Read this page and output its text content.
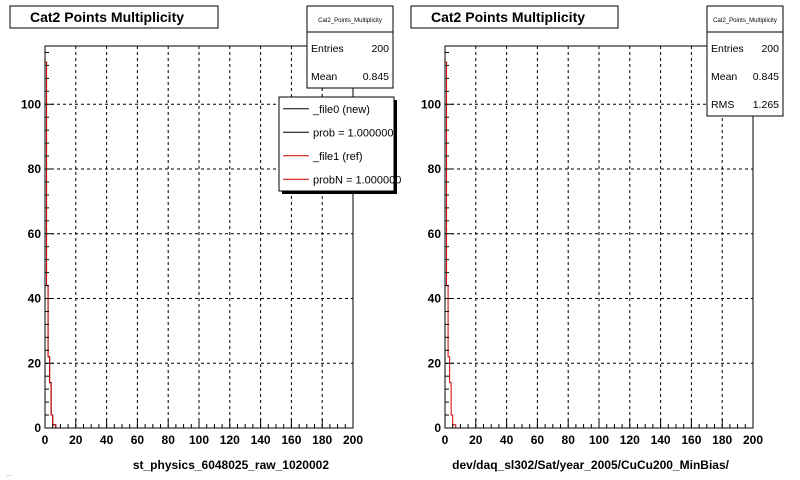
0 20 40 60 80 100 120 140 160 180 200
0
20
40
60
80
100
st_physics_6048025_raw_1020002
Cat2 Points Multiplicity	Cat2_Points_Multiplicity
Entries	200
Mean 0.845
_file0 (new)
prob = 1.000000
_file1 (ref)
probN = 1.000000
0 20 40 60 80 100 120 140 160 180 200
0
20
40
60
80
100
dev/daq_sl302/Sat/year_2005/CuCu200_MinBias/
Cat2 Points Multiplicity	Cat2_Points_Multiplicity
Entries 200
Mean 0.845
RMS 1.265
...
